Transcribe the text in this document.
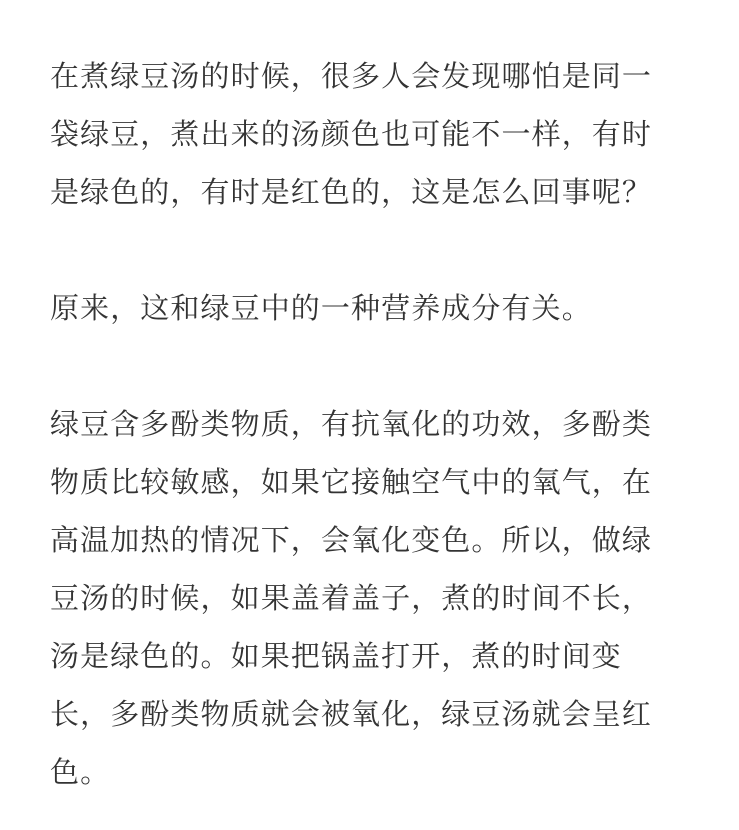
在煮绿豆汤的时候，很多人会发现哪怕是同一
袋绿豆，煮出来的汤颜色也可能不一样，有时
是绿色的，有时是红色的，这是怎么回事呢？

原来，这和绿豆中的一种营养成分有关。

绿豆含多酚类物质，有抗氧化的功效，多酚类
物质比较敏感，如果它接触空气中的氧气，在
高温加热的情况下，会氧化变色。所以，做绿
豆汤的时候，如果盖着盖子，煮的时间不长，
汤是绿色的。如果把锅盖打开，煮的时间变
长，多酚类物质就会被氧化，绿豆汤就会呈红
色。
